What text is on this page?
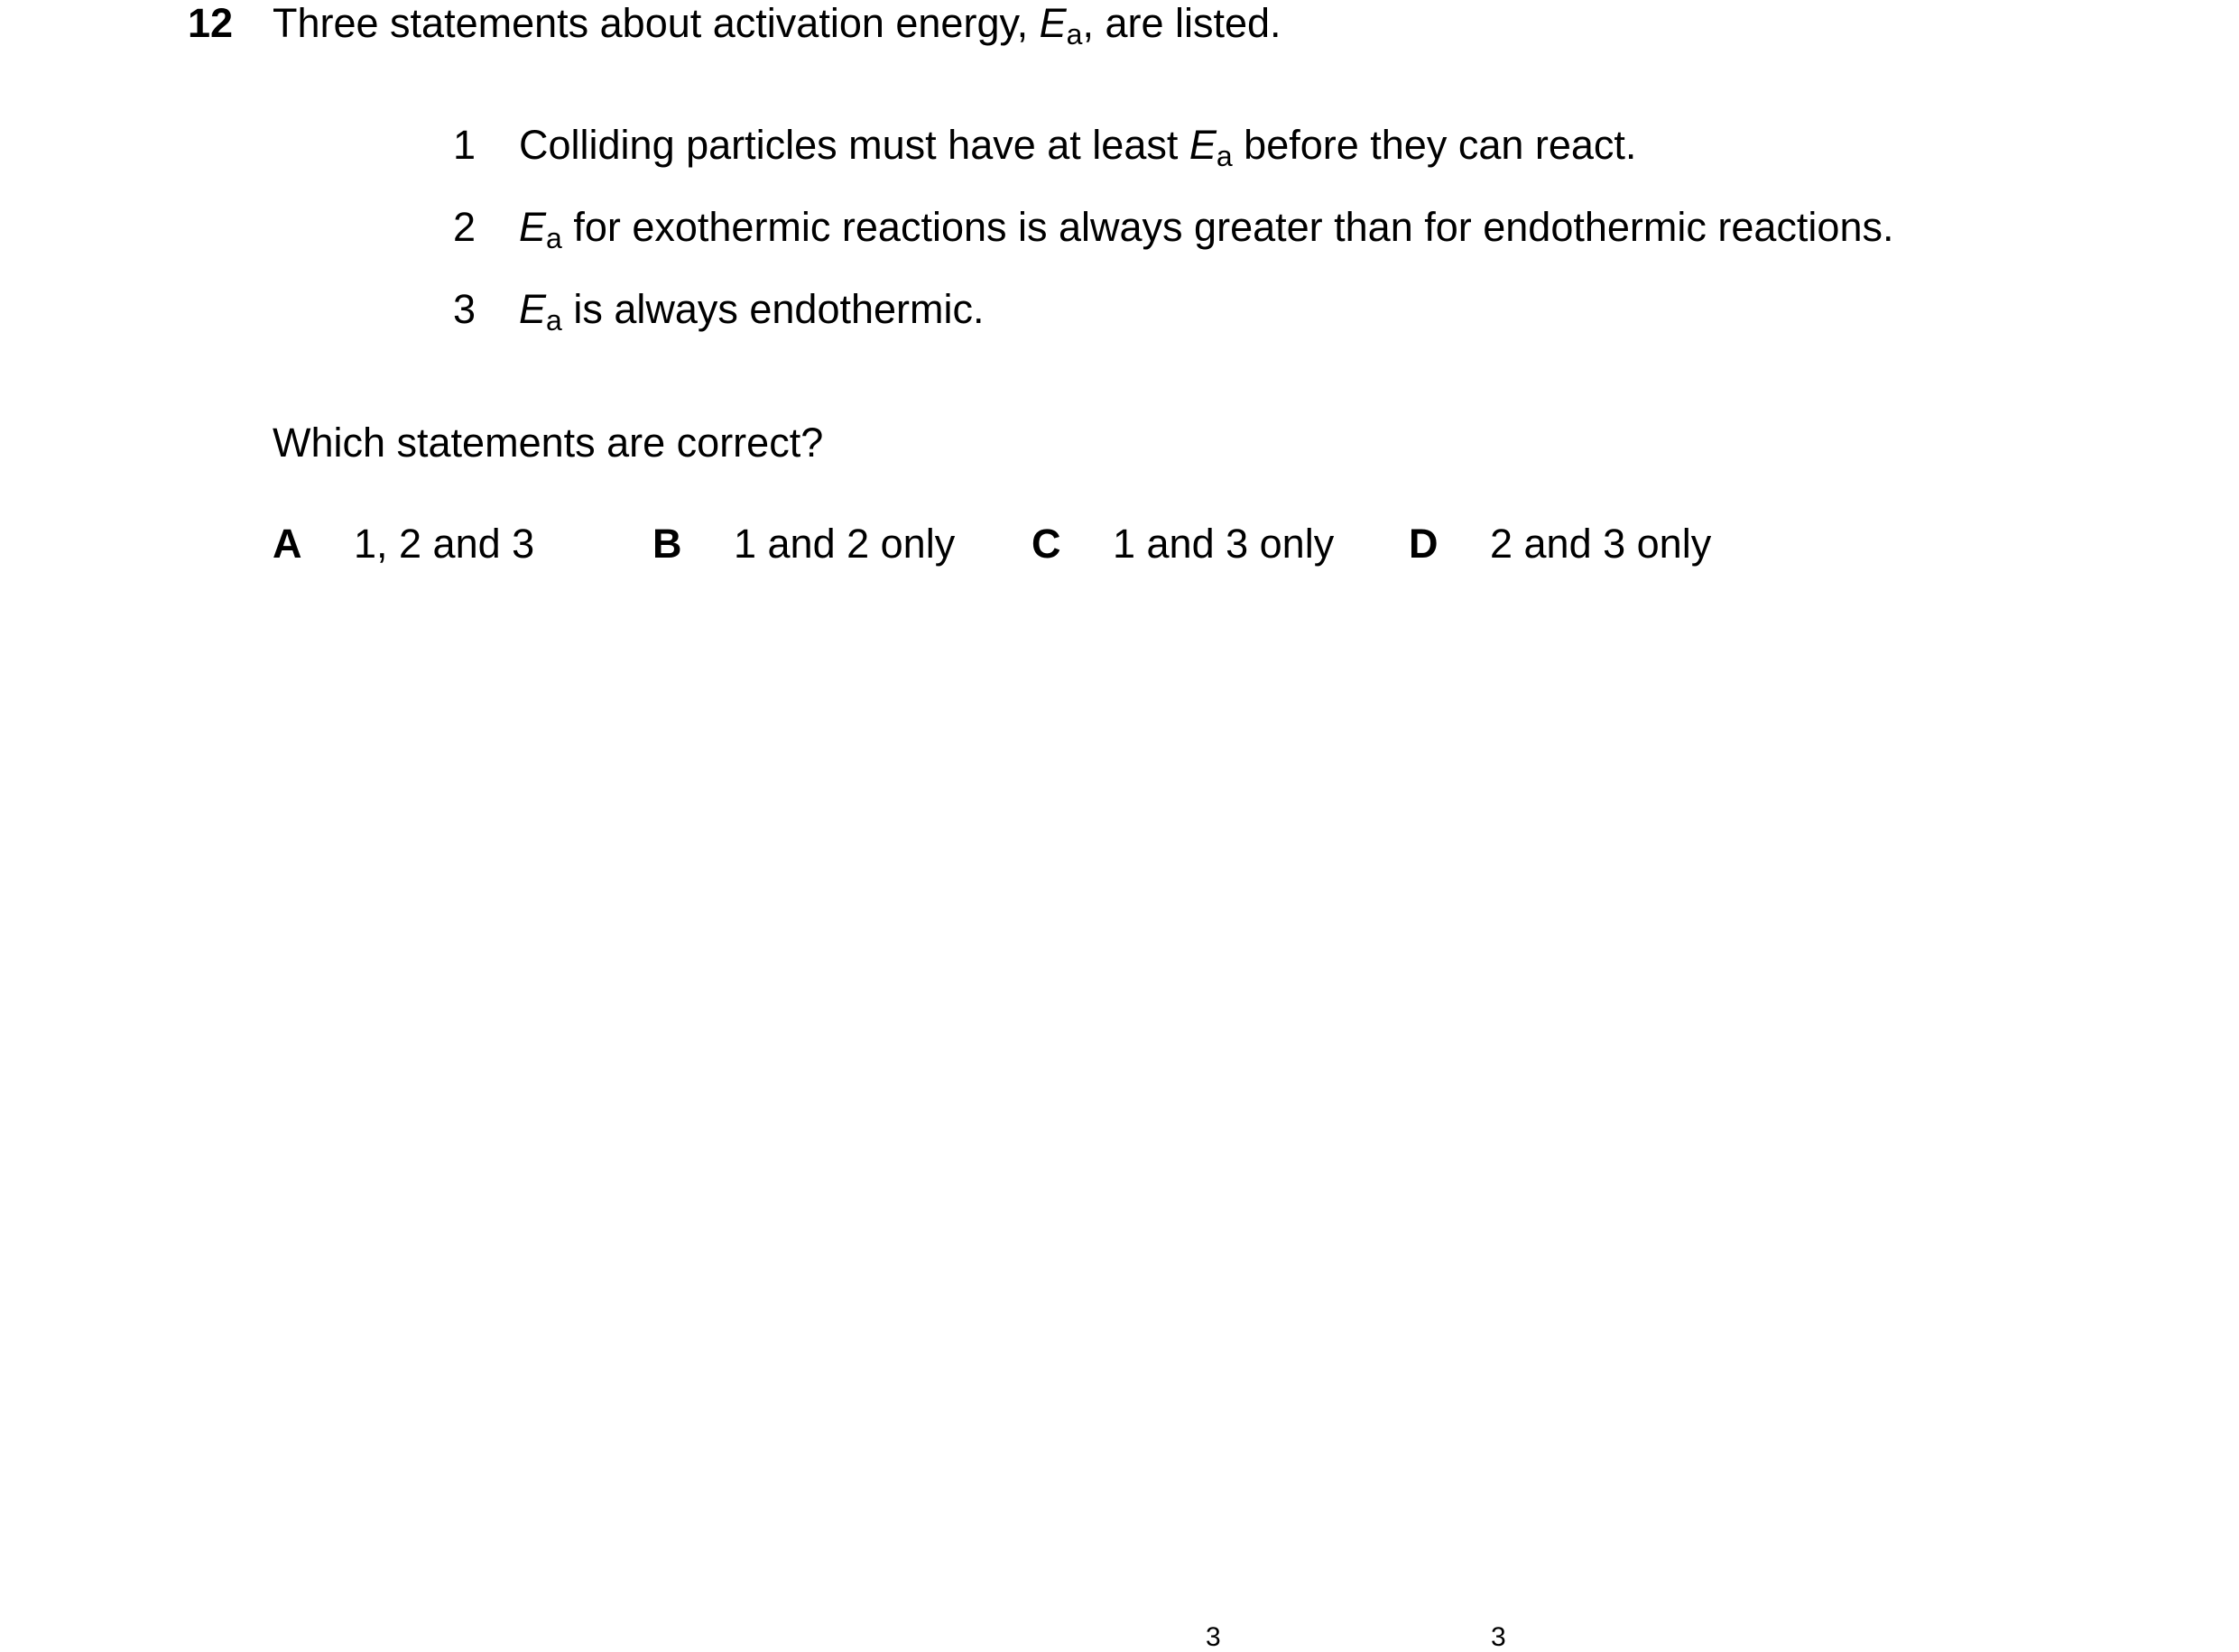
12 Three statements about activation energy, $E_a$, are listed.
1 Colliding particles must have at least $E_a$ before they can react.
2 $E_a$ for exothermic reactions is always greater than for endothermic reactions.
3 $E_a$ is always endothermic.
Which statements are correct?
A 1, 2 and 3	B 1 and 2 only C 1 and 3 only D 2 and 3 only
3	3
